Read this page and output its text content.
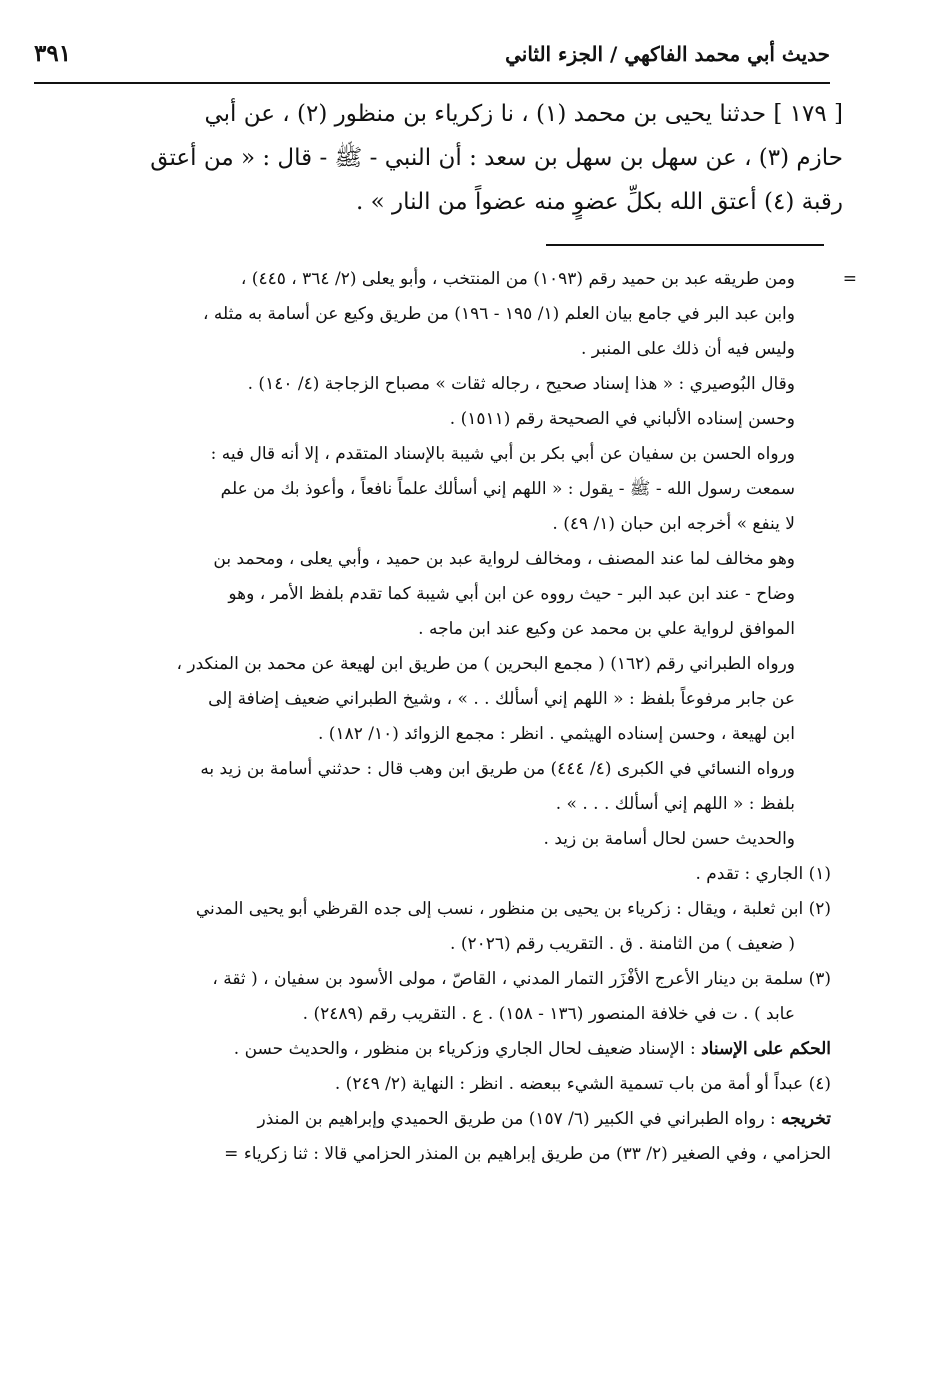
حديث أبي محمد الفاكهي / الجزء الثاني
٣٩١
[ ١٧٩ ] حدثنا يحيى بن محمد (١) ، نا زكرياء بن منظور (٢) ، عن أبي
حازم (٣) ، عن سهل بن سهل بن سعد : أن النبي - ﷺ - قال : « من أعتق
رقبة (٤) أعتق الله بكلِّ عضوٍ منه عضواً من النار » .
=
ومن طريقه عبد بن حميد رقم (١٠٩٣) من المنتخب ، وأبو يعلى (٢/ ٣٦٤ ، ٤٤٥) ،
وابن عبد البر في جامع بيان العلم (١/ ١٩٥ - ١٩٦) من طريق وكيع عن أسامة به مثله ،
وليس فيه أن ذلك على المنبر .
وقال البُوصيري : « هذا إسناد صحيح ، رجاله ثقات » مصباح الزجاجة (٤/ ١٤٠) .
وحسن إسناده الألباني في الصحيحة رقم (١٥١١) .
ورواه الحسن بن سفيان عن أبي بكر بن أبي شيبة بالإسناد المتقدم ، إلا أنه قال فيه :
سمعت رسول الله - ﷺ - يقول : « اللهم إني أسألك علماً نافعاً ، وأعوذ بك من علم
لا ينفع » أخرجه ابن حبان (١/ ٤٩) .
وهو مخالف لما عند المصنف ، ومخالف لرواية عبد بن حميد ، وأبي يعلى ، ومحمد بن
وضاح - عند ابن عبد البر - حيث رووه عن ابن أبي شيبة كما تقدم بلفظ الأمر ، وهو
الموافق لرواية علي بن محمد عن وكيع عند ابن ماجه .
ورواه الطبراني رقم (١٦٢) ( مجمع البحرين ) من طريق ابن لهيعة عن محمد بن المنكدر ،
عن جابر مرفوعاً بلفظ : « اللهم إني أسألك . . » ، وشيخ الطبراني ضعيف إضافة إلى
ابن لهيعة ، وحسن إسناده الهيثمي . انظر : مجمع الزوائد (١٠/ ١٨٢) .
ورواه النسائي في الكبرى (٤/ ٤٤٤) من طريق ابن وهب قال : حدثني أسامة بن زيد به
بلفظ : « اللهم إني أسألك . . . » .
والحديث حسن لحال أسامة بن زيد .
(١) الجاري : تقدم .
(٢) ابن ثعلبة ، ويقال : زكرياء بن يحيى بن منظور ، نسب إلى جده القرظي أبو يحيى المدني
( ضعيف ) من الثامنة . ق . التقريب رقم (٢٠٢٦) .
(٣) سلمة بن دينار الأعرج الأفْزَر التمار المدني ، القاصّ ، مولى الأسود بن سفيان ، ( ثقة ،
عابد ) . ت في خلافة المنصور (١٣٦ - ١٥٨) . ع . التقريب رقم (٢٤٨٩) .
الحكم على الإسناد : الإسناد ضعيف لحال الجاري وزكرياء بن منظور ، والحديث حسن .
(٤) عبداً أو أمة من باب تسمية الشيء ببعضه . انظر : النهاية (٢/ ٢٤٩) .
تخريجه : رواه الطبراني في الكبير (٦/ ١٥٧) من طريق الحميدي وإبراهيم بن المنذر
الحزامي ، وفي الصغير (٢/ ٣٣) من طريق إبراهيم بن المنذر الحزامي قالا : ثنا زكرياء =
